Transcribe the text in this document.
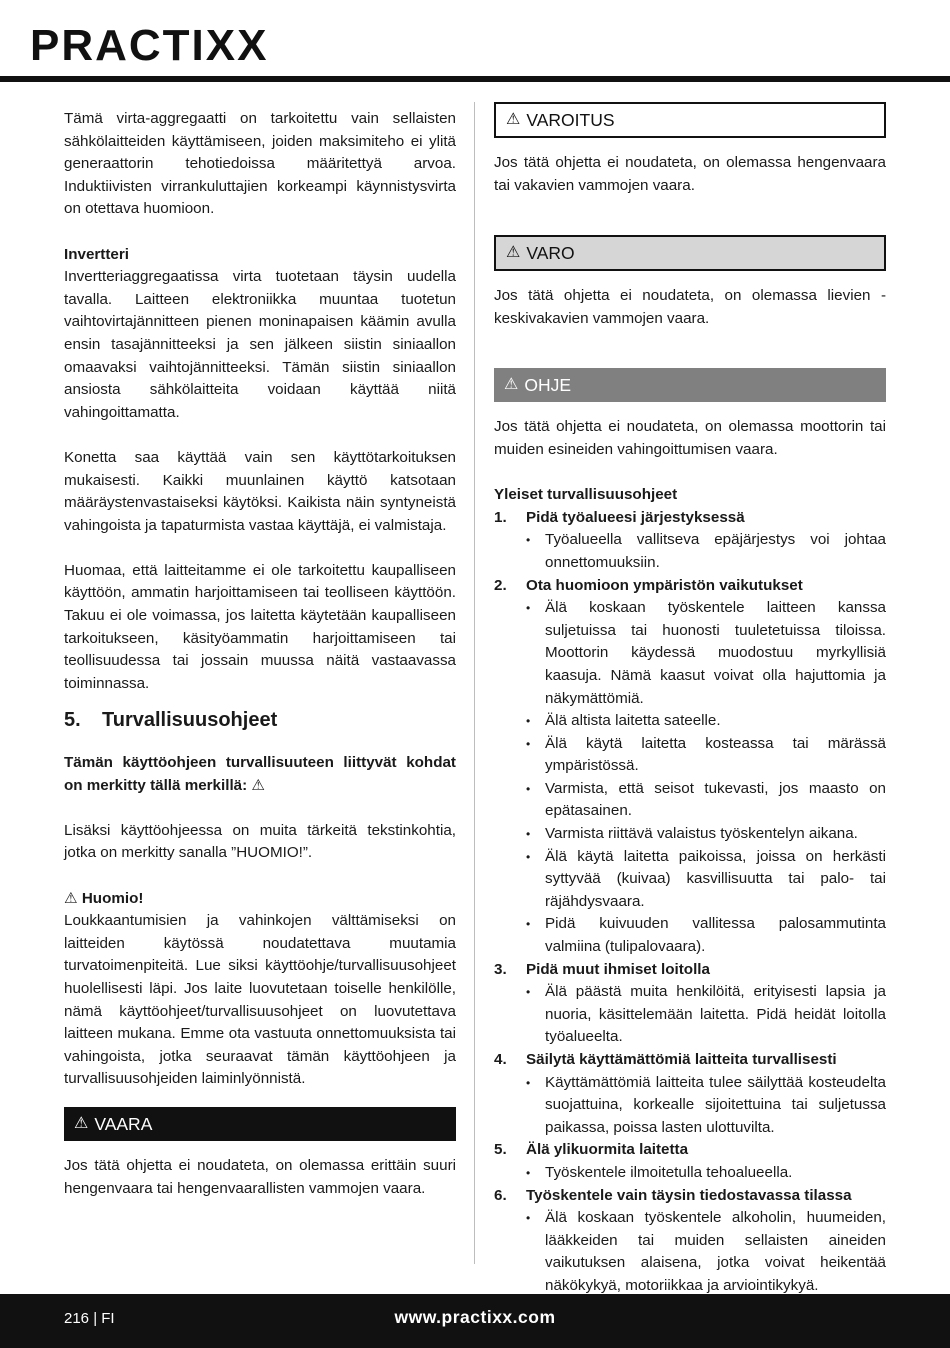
PRACTIXX

Tämä virta-aggregaatti on tarkoitettu vain sellaisten sähkölaitteiden käyttämiseen, joiden maksimiteho ei ylitä generaattorin tehotiedoissa määritettyä arvoa. Induktiivisten virrankuluttajien korkeampi käynnistysvirta on otettava huomioon.

Invertteri

Invertteriaggregaatissa virta tuotetaan täysin uudella tavalla. Laitteen elektroniikka muuntaa tuotetun vaihtovirtajännitteen pienen moninapaisen käämin avulla ensin tasajännitteeksi ja sen jälkeen siistin siniaallon omaavaksi vaihtojännitteeksi. Tämän siistin siniaallon ansiosta sähkölaitteita voidaan käyttää niitä vahingoittamatta.

Konetta saa käyttää vain sen käyttötarkoituksen mukaisesti. Kaikki muunlainen käyttö katsotaan määräystenvastaiseksi käytöksi. Kaikista näin syntyneistä vahingoista ja tapaturmista vastaa käyttäjä, ei valmistaja.

Huomaa, että laitteitamme ei ole tarkoitettu kaupalliseen käyttöön, ammatin harjoittamiseen tai teolliseen käyttöön. Takuu ei ole voimassa, jos laitetta käytetään kaupalliseen tarkoitukseen, käsityöammatin harjoittamiseen tai teollisuudessa tai jossain muussa näitä vastaavassa toiminnassa.

5.	Turvallisuusohjeet

Tämän käyttöohjeen turvallisuuteen liittyvät kohdat on merkitty tällä merkillä: ⚠

Lisäksi käyttöohjeessa on muita tärkeitä tekstinkohtia, jotka on merkitty sanalla ”HUOMIO!”.

⚠ Huomio!

Loukkaantumisien ja vahinkojen välttämiseksi on laitteiden käytössä noudatettava muutamia turvatoimenpiteitä. Lue siksi käyttöohje/turvallisuusohjeet huolellisesti läpi. Jos laite luovutetaan toiselle henkilölle, nämä käyttöohjeet/turvallisuusohjeet on luovutettava laitteen mukana. Emme ota vastuuta onnettomuuksista tai vahingoista, jotka seuraavat tämän käyttöohjeen ja turvallisuusohjeiden laiminlyönnistä.

⚠ VAARA

Jos tätä ohjetta ei noudateta, on olemassa erittäin suuri hengenvaara tai hengenvaarallisten vammojen vaara.

⚠ VAROITUS

Jos tätä ohjetta ei noudateta, on olemassa hengenvaara tai vakavien vammojen vaara.

⚠ VARO

Jos tätä ohjetta ei noudateta, on olemassa lievien - keskivakavien vammojen vaara.

⚠ OHJE

Jos tätä ohjetta ei noudateta, on olemassa moottorin tai muiden esineiden vahingoittumisen vaara.

Yleiset turvallisuusohjeet

1.	Pidä työalueesi järjestyksessä
• Työalueella vallitseva epäjärjestys voi johtaa onnettomuuksiin.
2.	Ota huomioon ympäristön vaikutukset
• Älä koskaan työskentele laitteen kanssa suljetuissa tai huonosti tuuletetuissa tiloissa. Moottorin käydessä muodostuu myrkyllisiä kaasuja. Nämä kaasut voivat olla hajuttomia ja näkymättömiä.
• Älä altista laitetta sateelle.
• Älä käytä laitetta kosteassa tai märässä ympäristössä.
• Varmista, että seisot tukevasti, jos maasto on epätasainen.
• Varmista riittävä valaistus työskentelyn aikana.
• Älä käytä laitetta paikoissa, joissa on herkästi syttyvää (kuivaa) kasvillisuutta tai palo- tai räjähdysvaara.
• Pidä kuivuuden vallitessa palosammutinta valmiina (tulipalovaara).
3.	Pidä muut ihmiset loitolla
• Älä päästä muita henkilöitä, erityisesti lapsia ja nuoria, käsittelemään laitetta. Pidä heidät loitolla työalueelta.
4.	Säilytä käyttämättömiä laitteita turvallisesti
• Käyttämättömiä laitteita tulee säilyttää kosteudelta suojattuina, korkealle sijoitettuina tai suljetussa paikassa, poissa lasten ulottuvilta.
5.	Älä ylikuormita laitetta
• Työskentele ilmoitetulla tehoalueella.
6.	Työskentele vain täysin tiedostavassa tilassa
• Älä koskaan työskentele alkoholin, huumeiden, lääkkeiden tai muiden sellaisten aineiden vaikutuksen alaisena, jotka voivat heikentää näkökykyä, motoriikkaa ja arviointikykyä.
216 | FI	www.practixx.com
